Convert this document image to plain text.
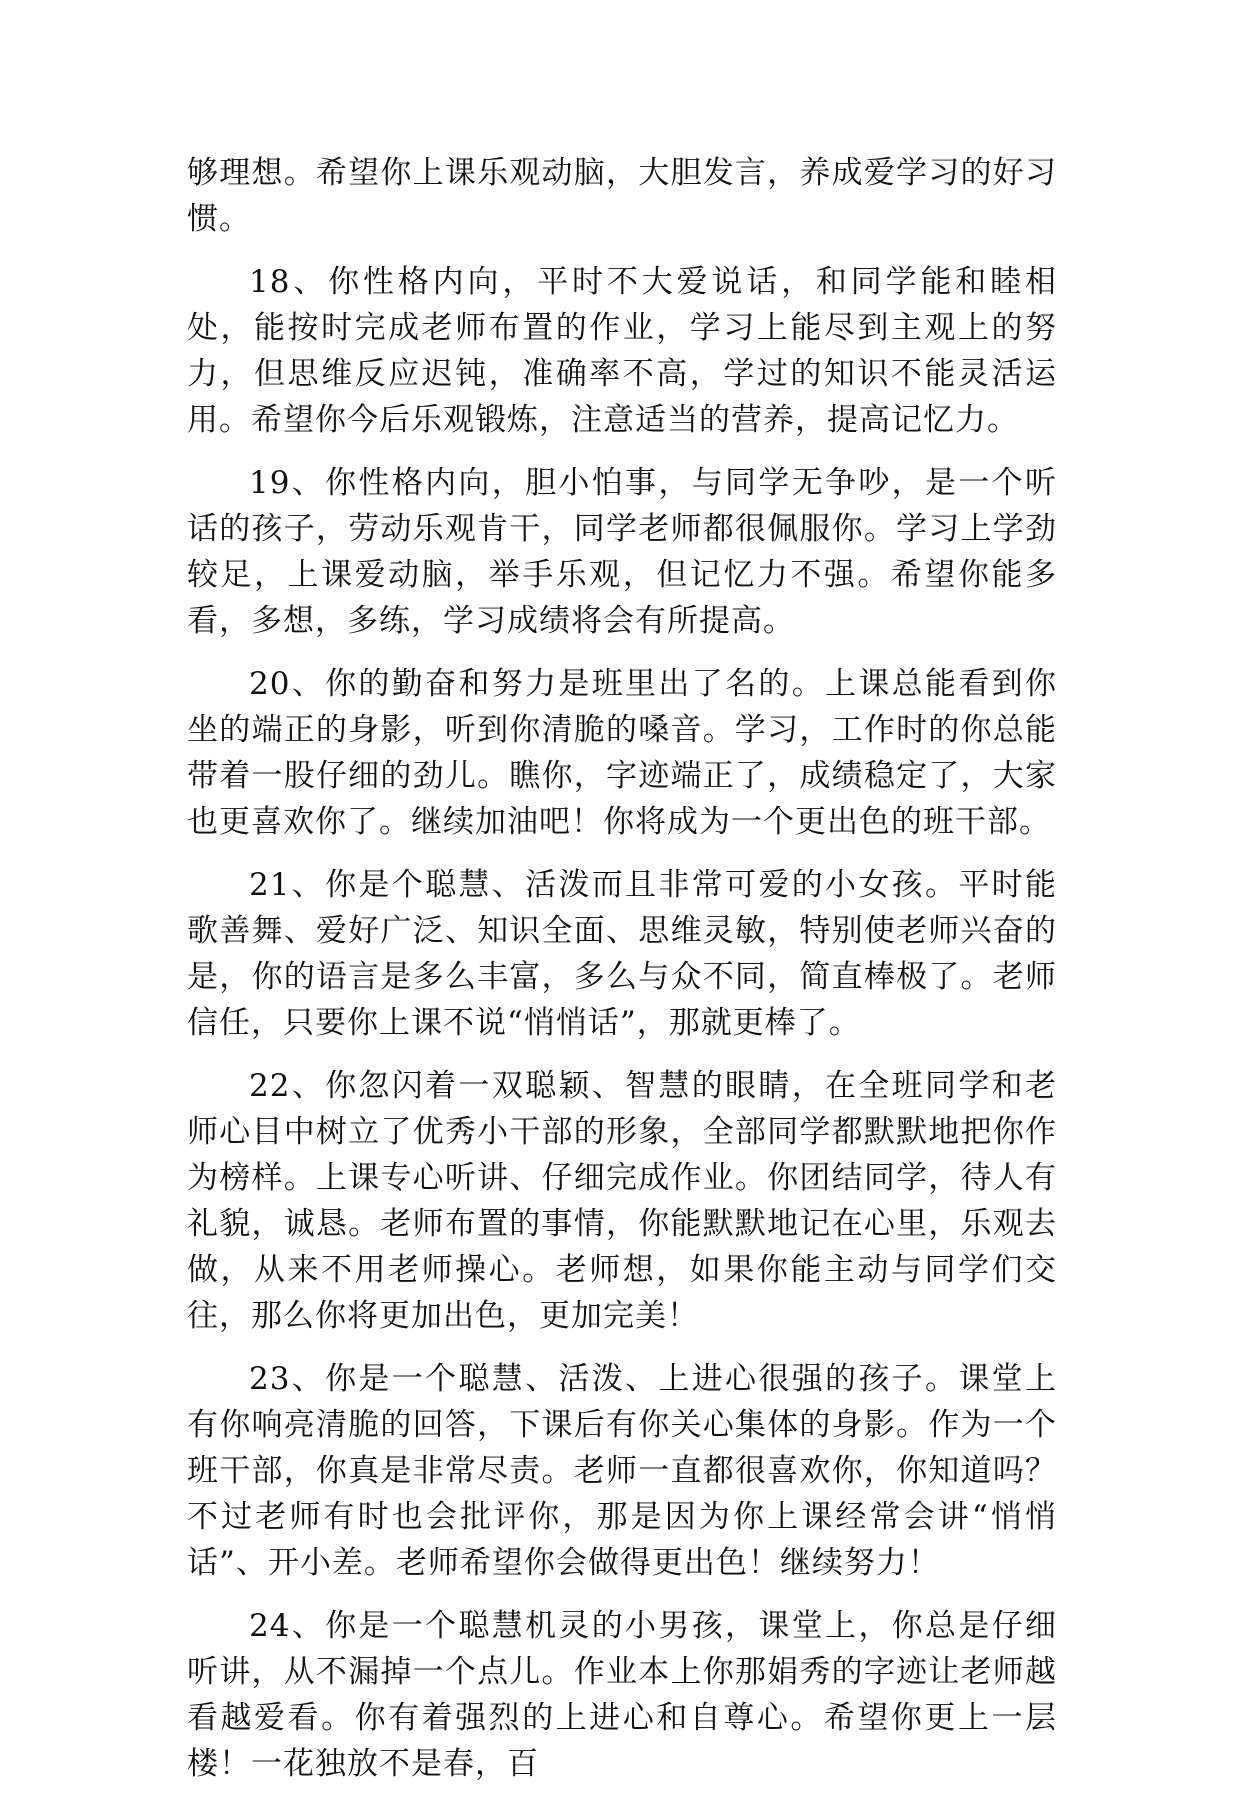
够理想。希望你上课乐观动脑，大胆发言，养成爱学习的好习惯。

18、你性格内向，平时不大爱说话，和同学能和睦相处，能按时完成老师布置的作业，学习上能尽到主观上的努力，但思维反应迟钝，准确率不高，学过的知识不能灵活运用。希望你今后乐观锻炼，注意适当的营养，提高记忆力。

19、你性格内向，胆小怕事，与同学无争吵，是一个听话的孩子，劳动乐观肯干，同学老师都很佩服你。学习上学劲较足，上课爱动脑，举手乐观，但记忆力不强。希望你能多看，多想，多练，学习成绩将会有所提高。

20、你的勤奋和努力是班里出了名的。上课总能看到你坐的端正的身影，听到你清脆的嗓音。学习，工作时的你总能带着一股仔细的劲儿。瞧你，字迹端正了，成绩稳定了，大家也更喜欢你了。继续加油吧！你将成为一个更出色的班干部。

21、你是个聪慧、活泼而且非常可爱的小女孩。平时能歌善舞、爱好广泛、知识全面、思维灵敏，特别使老师兴奋的是，你的语言是多么丰富，多么与众不同，简直棒极了。老师信任，只要你上课不说“悄悄话”，那就更棒了。

22、你忽闪着一双聪颖、智慧的眼睛，在全班同学和老师心目中树立了优秀小干部的形象，全部同学都默默地把你作为榜样。上课专心听讲、仔细完成作业。你团结同学，待人有礼貌，诚恳。老师布置的事情，你能默默地记在心里，乐观去做，从来不用老师操心。老师想，如果你能主动与同学们交往，那么你将更加出色，更加完美！

23、你是一个聪慧、活泼、上进心很强的孩子。课堂上有你响亮清脆的回答，下课后有你关心集体的身影。作为一个班干部，你真是非常尽责。老师一直都很喜欢你，你知道吗？不过老师有时也会批评你，那是因为你上课经常会讲“悄悄话”、开小差。老师希望你会做得更出色！继续努力！

24、你是一个聪慧机灵的小男孩，课堂上，你总是仔细听讲，从不漏掉一个点儿。作业本上你那娟秀的字迹让老师越看越爱看。你有着强烈的上进心和自尊心。希望你更上一层楼！一花独放不是春，百
